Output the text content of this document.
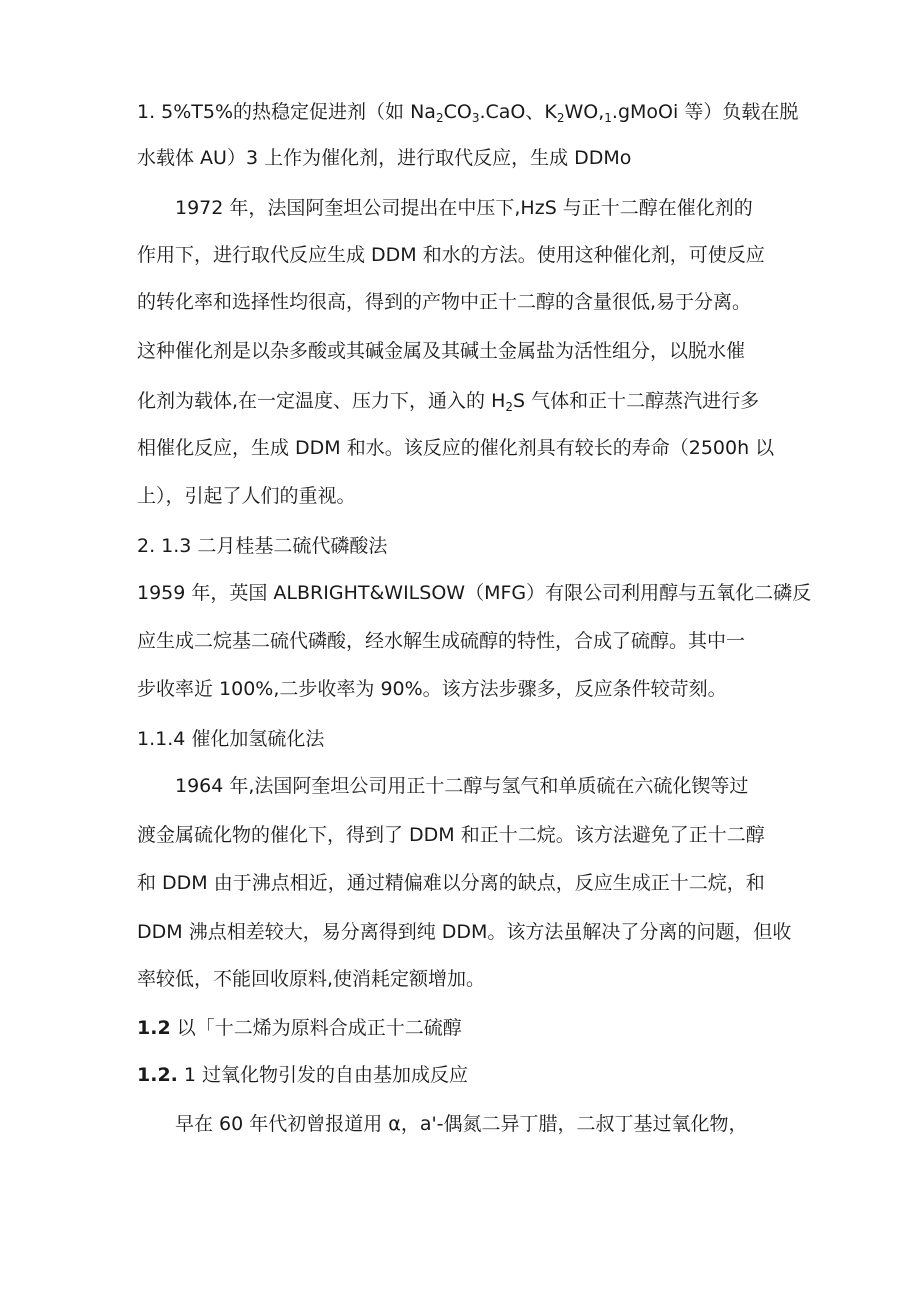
1. 5%T5%的热稳定促进剂（如 $Na_2CO_3.CaO$、$K_2WO,_1.gMoOi$ 等）负载在脱
水载体 AU）3 上作为催化剂，进行取代反应，生成 DDMo
1972 年，法国阿奎坦公司提出在中压下,HzS 与正十二醇在催化剂的
作用下，进行取代反应生成 DDM 和水的方法。使用这种催化剂，可使反应
的转化率和选择性均很高，得到的产物中正十二醇的含量很低,易于分离。
这种催化剂是以杂多酸或其碱金属及其碱土金属盐为活性组分，以脱水催
化剂为载体,在一定温度、压力下，通入的 $H_2S$ 气体和正十二醇蒸汽进行多
相催化反应，生成 DDM 和水。该反应的催化剂具有较长的寿命（2500h 以
上），引起了人们的重视。
2. 1.3 二月桂基二硫代磷酸法
1959 年，英国 ALBRIGHT&WILSOW（MFG）有限公司利用醇与五氧化二磷反
应生成二烷基二硫代磷酸，经水解生成硫醇的特性，合成了硫醇。其中一
步收率近 100%,二步收率为 90%。该方法步骤多，反应条件较苛刻。
1.1.4 催化加氢硫化法
1964 年,法国阿奎坦公司用正十二醇与氢气和单质硫在六硫化锲等过
渡金属硫化物的催化下，得到了 DDM 和正十二烷。该方法避免了正十二醇
和 DDM 由于沸点相近，通过精偏难以分离的缺点，反应生成正十二烷，和
DDM 沸点相差较大，易分离得到纯 DDM。该方法虽解决了分离的问题，但收
率较低，不能回收原料,使消耗定额增加。
1.2 以「十二烯为原料合成正十二硫醇
1.2. 1 过氧化物引发的自由基加成反应
早在 60 年代初曾报道用 α，a'-偶氮二异丁腊，二叔丁基过氧化物，
